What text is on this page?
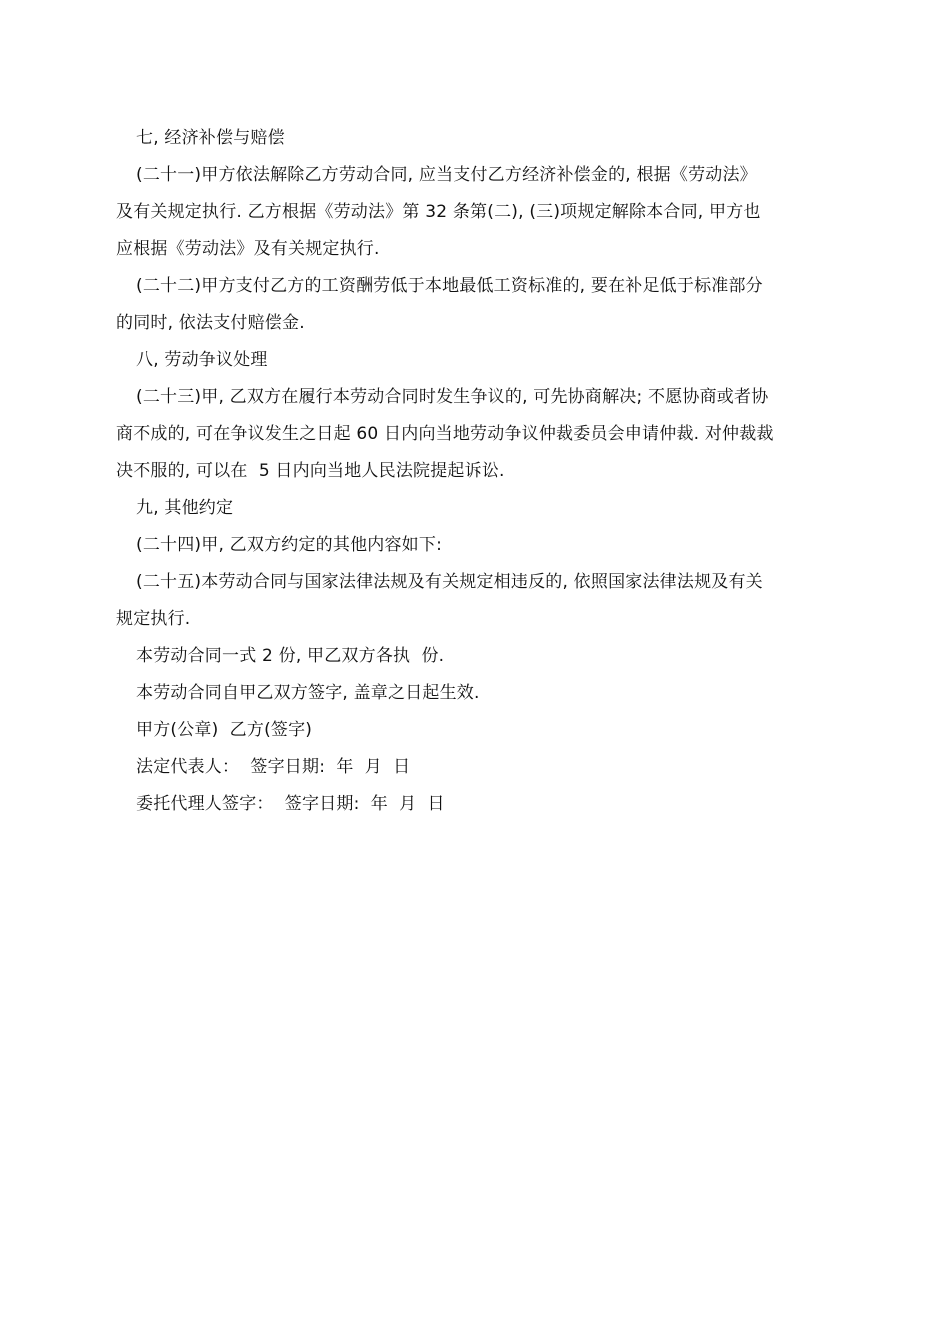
七, 经济补偿与赔偿
(二十一)甲方依法解除乙方劳动合同, 应当支付乙方经济补偿金的, 根据《劳动法》
及有关规定执行. 乙方根据《劳动法》第 32 条第(二), (三)项规定解除本合同, 甲方也
应根据《劳动法》及有关规定执行.
(二十二)甲方支付乙方的工资酬劳低于本地最低工资标准的, 要在补足低于标准部分
的同时, 依法支付赔偿金.
八, 劳动争议处理
(二十三)甲, 乙双方在履行本劳动合同时发生争议的, 可先协商解决; 不愿协商或者协
商不成的, 可在争议发生之日起 60 日内向当地劳动争议仲裁委员会申请仲裁. 对仲裁裁
决不服的, 可以在  5 日内向当地人民法院提起诉讼.
九, 其他约定
(二十四)甲, 乙双方约定的其他内容如下:
(二十五)本劳动合同与国家法律法规及有关规定相违反的, 依照国家法律法规及有关
规定执行.
本劳动合同一式 2 份, 甲乙双方各执  份.
本劳动合同自甲乙双方签字, 盖章之日起生效.
甲方(公章)  乙方(签字)
法定代表人：  签字日期:  年  月  日
委托代理人签字：  签字日期:  年  月  日
